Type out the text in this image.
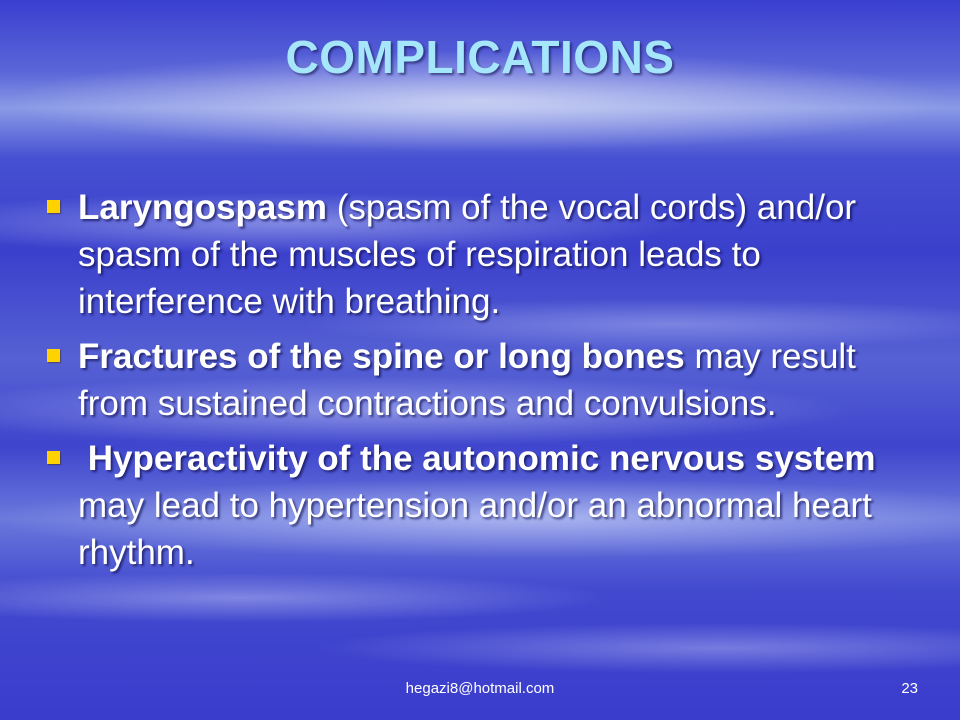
COMPLICATIONS
Laryngospasm (spasm of the vocal cords) and/or spasm of the muscles of respiration leads to interference with breathing.
Fractures of the spine or long bones may result from sustained contractions and convulsions.
Hyperactivity of the autonomic nervous system may lead to hypertension and/or an abnormal heart rhythm.
hegazi8@hotmail.com	23
